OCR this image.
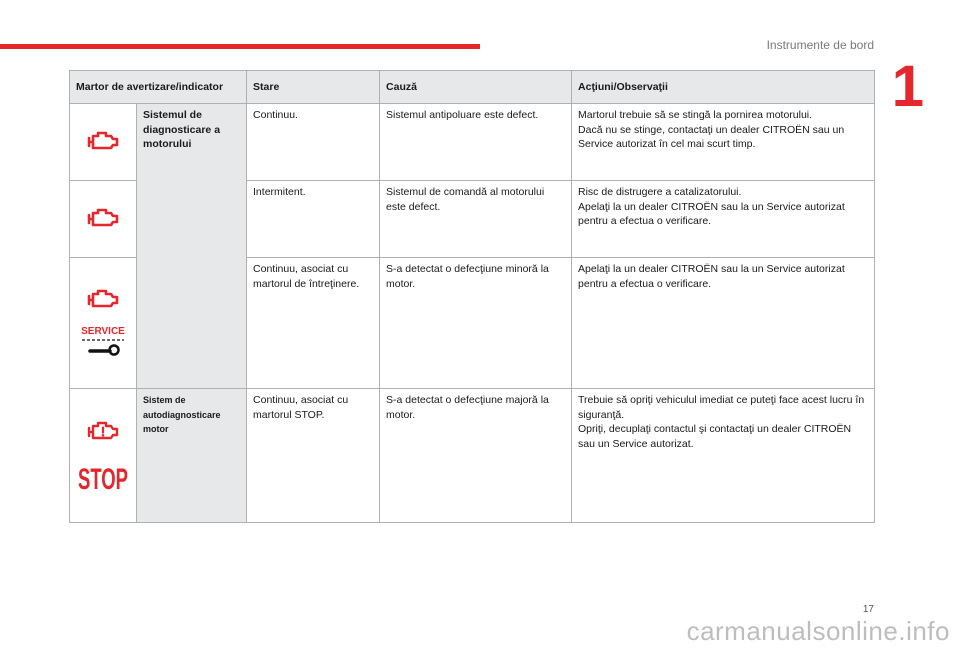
Instrumente de bord
1
Martor de avertizare/indicator		Stare	Cauză	Acţiuni/Observaţii

	Sistemul de diagnosticare a motorului	Continuu.	Sistemul antipoluare este defect.	Martorul trebuie să se stingă la pornirea motorului.
Dacă nu se stinge, contactaţi un dealer CITROËN sau un Service autorizat în cel mai scurt timp.

	Intermitent.	Sistemul de comandă al motorului este defect.	Risc de distrugere a catalizatorului.
Apelaţi la un dealer CITROËN sau la un Service autorizat pentru a efectua o verificare.

SERVICE		Continuu, asociat cu martorul de întreţinere.	S-a detectat o defecţiune minoră la motor.	Apelaţi la un dealer CITROËN sau la un Service autorizat pentru a efectua o verificare.

STOP	Sistem de autodiagnosticare motor	Continuu, asociat cu martorul STOP.	S-a detectat o defecţiune majoră la motor.	Trebuie să opriţi vehiculul imediat ce puteţi face acest lucru în siguranţă.
Opriţi, decuplaţi contactul şi contactaţi un dealer CITROËN sau un Service autorizat.
17
carmanualsonline.info
